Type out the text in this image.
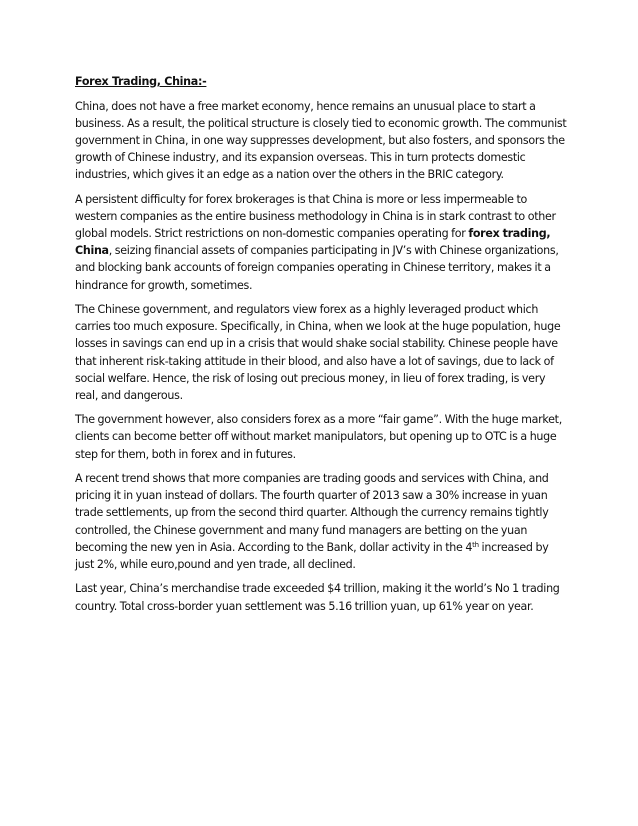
Forex Trading, China:-

China, does not have a free market economy, hence remains an unusual place to start a business. As a result, the political structure is closely tied to economic growth. The communist government in China, in one way suppresses development, but also fosters, and sponsors the growth of Chinese industry, and its expansion overseas. This in turn protects domestic industries, which gives it an edge as a nation over the others in the BRIC category.

A persistent difficulty for forex brokerages is that China is more or less impermeable to western companies as the entire business methodology in China is in stark contrast to other global models. Strict restrictions on non-domestic companies operating for forex trading, China, seizing financial assets of companies participating in JV’s with Chinese organizations, and blocking bank accounts of foreign companies operating in Chinese territory, makes it a hindrance for growth, sometimes.

The Chinese government, and regulators view forex as a highly leveraged product which carries too much exposure. Specifically, in China, when we look at the huge population, huge losses in savings can end up in a crisis that would shake social stability. Chinese people have that inherent risk-taking attitude in their blood, and also have a lot of savings, due to lack of social welfare. Hence, the risk of losing out precious money, in lieu of forex trading, is very real, and dangerous.

The government however, also considers forex as a more “fair game”. With the huge market, clients can become better off without market manipulators, but opening up to OTC is a huge step for them, both in forex and in futures.

A recent trend shows that more companies are trading goods and services with China, and pricing it in yuan instead of dollars. The fourth quarter of 2013 saw a 30% increase in yuan trade settlements, up from the second third quarter. Although the currency remains tightly controlled, the Chinese government and many fund managers are betting on the yuan becoming the new yen in Asia. According to the Bank, dollar activity in the 4th increased by just 2%, while euro,pound and yen trade, all declined.

Last year, China’s merchandise trade exceeded $4 trillion, making it the world’s No 1 trading country. Total cross-border yuan settlement was 5.16 trillion yuan, up 61% year on year.
